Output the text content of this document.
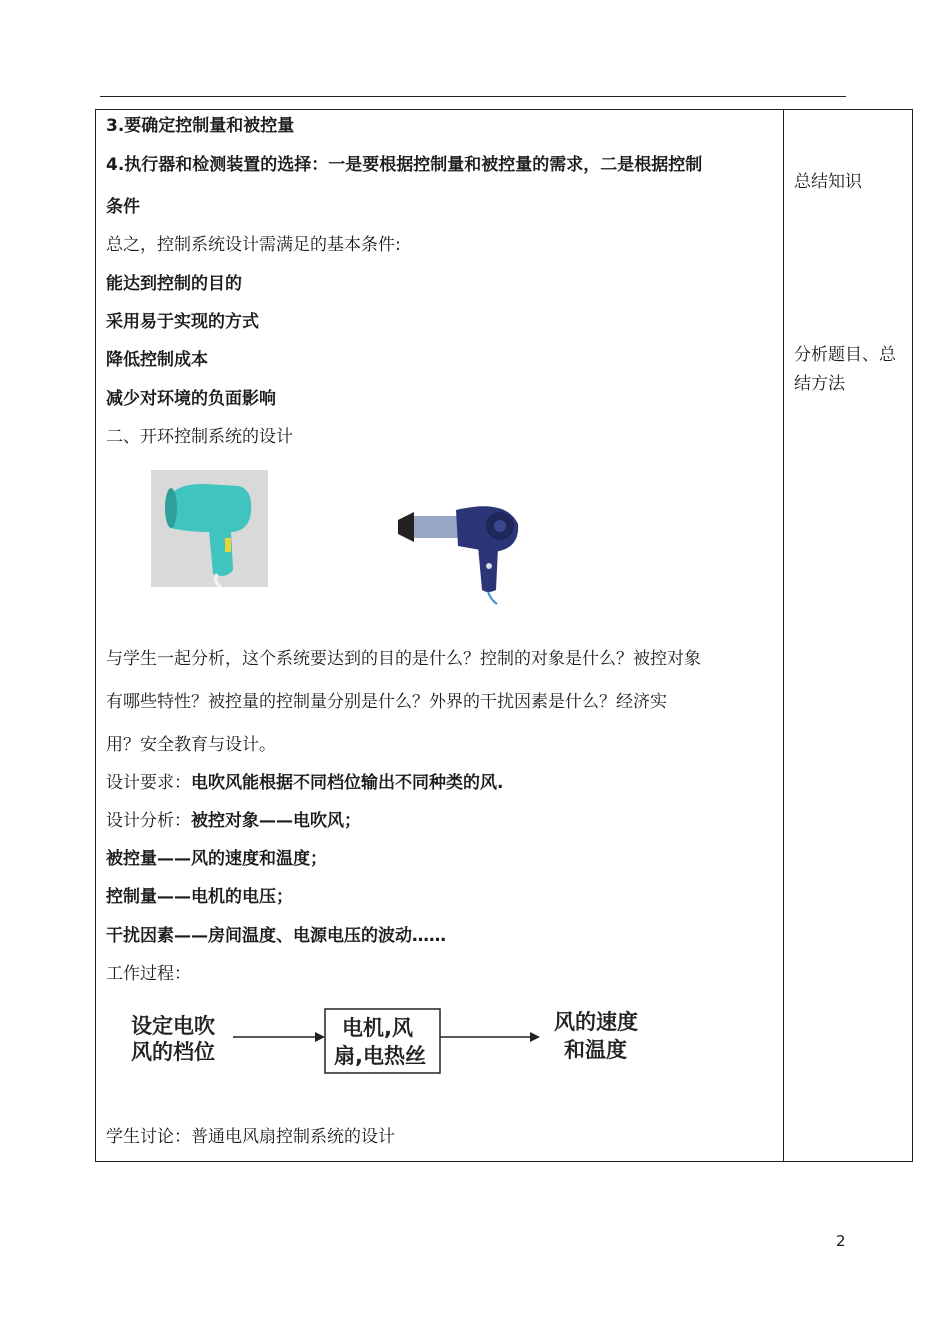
3.要确定控制量和被控量
4.执行器和检测装置的选择：一是要根据控制量和被控量的需求，二是根据控制
条件
总之，控制系统设计需满足的基本条件:
能达到控制的目的
采用易于实现的方式
降低控制成本
减少对环境的负面影响
二、开环控制系统的设计
与学生一起分析，这个系统要达到的目的是什么？控制的对象是什么？被控对象
有哪些特性？被控量的控制量分别是什么？外界的干扰因素是什么？经济实
用？安全教育与设计。
设计要求：电吹风能根据不同档位输出不同种类的风.
设计分析：被控对象——电吹风；
被控量——风的速度和温度；
控制量——电机的电压；
干扰因素——房间温度、电源电压的波动……
工作过程：
设定电吹
风的档位
电机,风
扇,电热丝
风的速度
和温度
学生讨论：普通电风扇控制系统的设计
总结知识
分析题目、总
结方法
2
